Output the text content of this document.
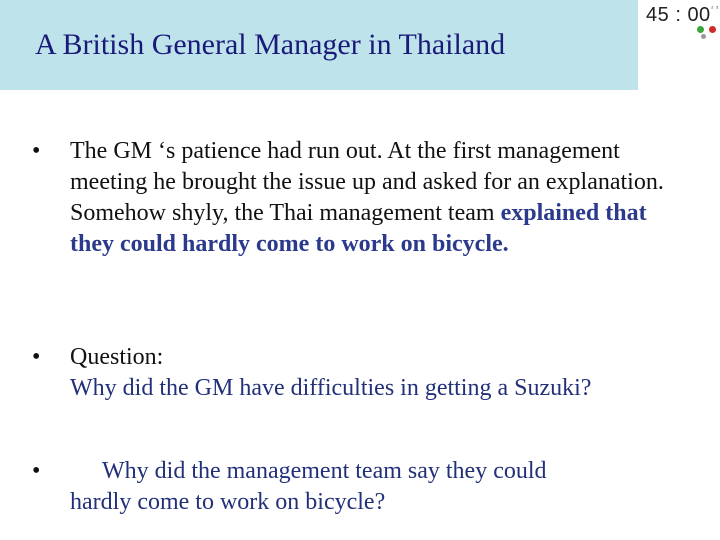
A British General Manager in Thailand
45 : 00 ₂ ₃
•	The GM ‘s patience had run out. At the first management meeting he brought the issue up and asked for an explanation. Somehow shyly, the Thai management team explained that they could hardly come to work on bicycle.
•	Question:
Why did the GM have difficulties in getting a Suzuki?
•	Why did the management team say they could
hardly come to work on bicycle?
